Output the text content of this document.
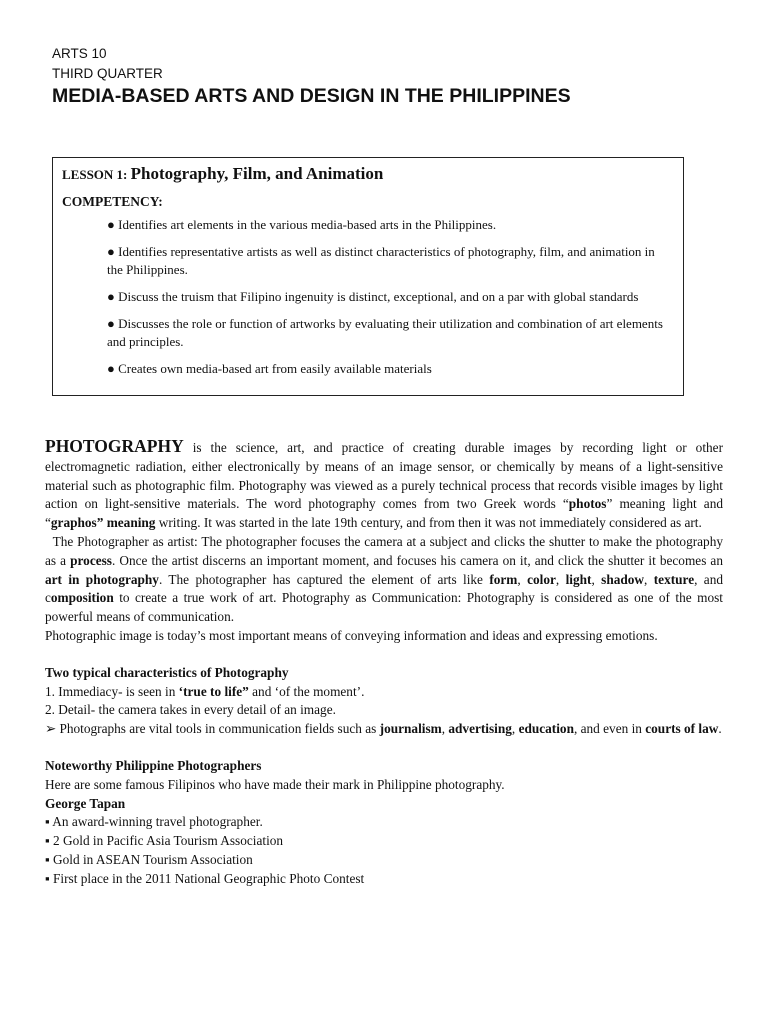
ARTS 10
THIRD QUARTER
MEDIA-BASED ARTS AND DESIGN IN THE PHILIPPINES

LESSON 1: Photography, Film, and Animation

COMPETENCY:
● Identifies art elements in the various media-based arts in the Philippines.
● Identifies representative artists as well as distinct characteristics of photography, film, and animation in the Philippines.
● Discuss the truism that Filipino ingenuity is distinct, exceptional, and on a par with global standards
● Discusses the role or function of artworks by evaluating their utilization and combination of art elements and principles.
● Creates own media-based art from easily available materials

PHOTOGRAPHY is the science, art, and practice of creating durable images by recording light or other electromagnetic radiation, either electronically by means of an image sensor, or chemically by means of a light-sensitive material such as photographic film. Photography was viewed as a purely technical process that records visible images by light action on light-sensitive materials. The word photography comes from two Greek words “photos” meaning light and “graphos” meaning writing. It was started in the late 19th century, and from then it was not immediately considered as art.

The Photographer as artist: The photographer focuses the camera at a subject and clicks the shutter to make the photography as a process. Once the artist discerns an important moment, and focuses his camera on it, and click the shutter it becomes an art in photography. The photographer has captured the element of arts like form, color, light, shadow, texture, and composition to create a true work of art. Photography as Communication: Photography is considered as one of the most powerful means of communication.

Photographic image is today’s most important means of conveying information and ideas and expressing emotions.

Two typical characteristics of Photography

1. Immediacy- is seen in ‘true to life” and ‘of the moment’.

2. Detail- the camera takes in every detail of an image.

➢ Photographs are vital tools in communication fields such as journalism, advertising, education, and even in courts of law.

Noteworthy Philippine Photographers

Here are some famous Filipinos who have made their mark in Philippine photography.

George Tapan

▪ An award-winning travel photographer.

▪ 2 Gold in Pacific Asia Tourism Association

▪ Gold in ASEAN Tourism Association

▪ First place in the 2011 National Geographic Photo Contest
